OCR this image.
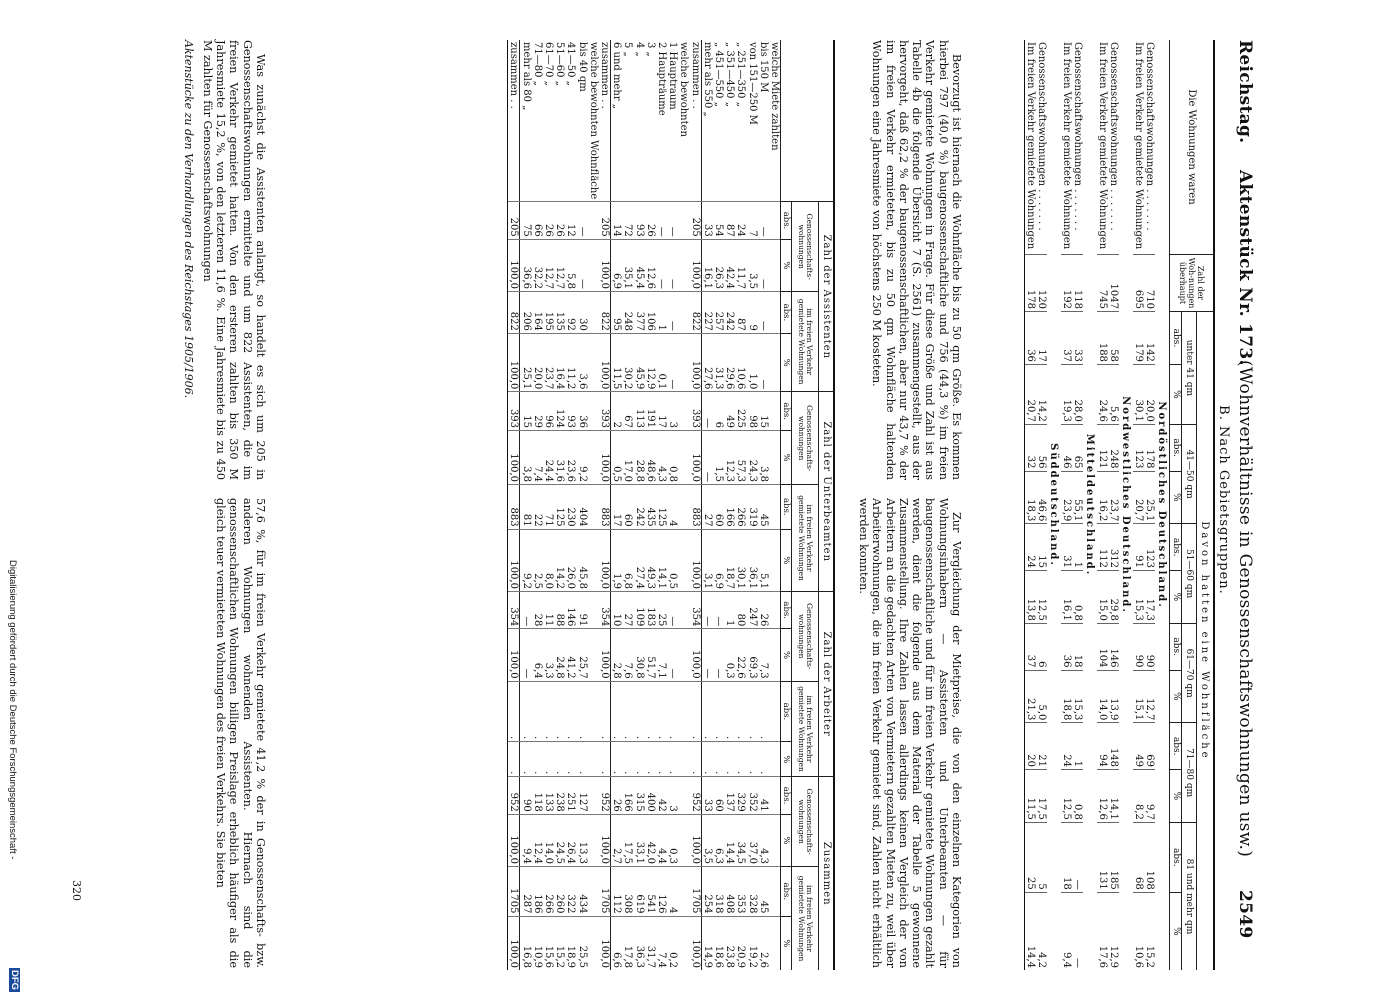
Reichstag.
Aktenstück Nr. 173.
(Wohnverhältnisse in Genossenschaftswohnungen usw.)
2549
B. Nach Gebietsgruppen.
Die Wohnungen waren	Zahl der Woh-nungen überhaupt	Davon hatten eine Wohnfläche											
		unter 41 qm		41—50 qm		51—60 qm		61—70 qm		71—80 qm		81 und mehr qm	
		abs.	%	abs.	%	abs.	%	abs.	%	abs.	%	abs.	%
Nordöstliches Deutschland.													
Genossenschaftswohnungen . . . . . . .	710	142	20,0	178	25,1	123	17,3	90	12,7	69	9,7	108	15,2
Im freien Verkehr gemietete Wohnungen	695	179	30,1	123	20,7	91	15,3	90	15,1	49	8,2	68	10,6
Nordwestliches Deutschland.													
Genossenschaftswohnungen . . . . . . .	1047	58	5,6	248	23,7	312	29,8	146	13,9	148	14,1	185	12,9
Im freien Verkehr gemietete Wohnungen	745	188	24,6	121	16,2	112	15,0	104	14,0	94	12,6	131	17,6
Mitteldeutschland.													
Genossenschaftswohnungen . . . . . . .	118	33	28,0	65	55,1	1	0,8	18	15,3	1	0,8	—	—
Im freien Verkehr gemietete Wohnungen	192	37	19,3	46	23,9	31	16,1	36	18,8	24	12,5	18	9,4
Süddeutschland.													
Genossenschaftswohnungen . . . . . . .	120	17	14,2	56	46,6	15	12,5	6	5,0	21	17,5	5	4,2
Im freien Verkehr gemietete Wohnungen	178	36	20,7	32	18,3	24	13,8	37	21,3	20	11,5	25	14,4

Bevorzugt ist hiernach die Wohnfläche bis zu 50 qm Größe. Es kommen hierbei 797 (40,0 %) baugenossenschaftliche und 756 (44,3 %) im freien Verkehr gemietete Wohnungen in Frage. Für diese Größe und Zahl ist aus Tabelle 4b die folgende Übersicht 7 (S. 2561) zusammengestellt, aus der hervorgeht, daß 62,2 % der baugenossenschaftlichen, aber nur 43,7 % der im freien Verkehr ermieteten, bis zu 50 qm Wohnfläche haltenden Wohnungen eine Jahresmiete von höchstens 250 M kosteten.

Zur Vergleichung der Mietpreise, die von den einzelnen Kategorien von Wohnungsinhabern — Assistenten und Unterbeamten — für baugenossenschaftliche und für im freien Verkehr gemietete Wohnungen gezahlt werden, dient die folgende aus dem Material der Tabelle 5 gewonnene Zusammenstellung. Ihre Zahlen lassen allerdings keinen Vergleich der von Arbeitern an die gedachten Arten von Vermietern gezahlten Mieten zu, weil über Arbeiterwohnungen, die im freien Verkehr gemietet sind, Zahlen nicht erhältlich werden konnten.

	Zahl der Assistenten				Zahl der Unterbeamten				Zahl der Arbeiter				Zusammen			
	Genossenschafts-wohnungen		im freien Verkehr gemietete Wohnungen		Genossenschafts-wohnungen		im freien Verkehr gemietete Wohnungen		Genossenschafts-wohnungen		im freien Verkehr gemietete Wohnungen		Genossenschafts-wohnungen		im freien Verkehr gemietete Wohnungen	
	abs.	%	abs.	%	abs.	%	abs.	%	abs.	%	abs.	%	abs.	%	abs.	%
welche Miete zahlten																
bis 150 M	—	—	—	—	15	3,8	45	5,1	26	7,3	.	.	41	4,3	45	2,6
von 151—250 M	7	3,5	9	1,0	98	24,3	319	36,1	247	69,3	.	.	352	37,0	328	19,2
„ 251—350 „	24	11,7	87	10,6	225	57,3	266	30,1	80	22,6	.	.	329	34,5	353	20,9
„ 351—450 „	87	42,4	242	29,6	49	12,3	166	18,7	1	0,3	.	.	137	14,4	408	23,8
„ 451—550 „	54	26,3	257	31,3	6	1,5	60	6,9	—	—	.	.	60	6,3	318	18,6
mehr als 550 „	33	16,1	227	27,6	—	—	27	3,1	—	—	.	.	33	3,5	254	14,9
zusammen . .	205	100,0	822	100,0	393	100,0	883	100,0	354	100,0	.	.	952	100,0	1705	100,0
welche bewohnten																
1 Hauptraum	—	—	—	—	3	0,8	4	0,5	—	—	.	.	3	0,3	4	0,2
2 Haupträume	—	—	1	0,1	17	4,3	125	14,1	25	7,1	.	.	42	4,4	126	7,4
3 „	26	12,6	106	12,9	191	48,6	435	49,3	183	51,7	.	.	400	42,0	541	31,7
4 „	93	45,4	377	45,9	113	28,8	242	27,4	109	30,8	.	.	315	33,1	619	36,3
5 „	72	35,1	248	30,2	67	17,0	60	6,8	27	7,6	.	.	166	17,5	308	17,8
6 und mehr „	14	6,9	95	11,5	2	0,5	17	1,9	10	2,8	.	.	26	2,7	112	6,6
zusammen . .	205	100,0	822	100,0	393	100,0	883	100,0	354	100,0	.	.	952	100,0	1705	100,0
welche bewohnten Wohnfläche																
bis 40 qm	—	—	30	3,6	36	9,2	404	45,8	91	25,7	.	.	127	13,3	434	25,5
41—50 „	12	5,8	92	11,2	93	23,6	230	26,0	146	41,2	.	.	251	26,4	322	18,9
51—60 „	26	12,7	135	16,4	124	31,6	125	14,2	88	24,8	.	.	238	24,5	260	15,2
61—70 „	26	12,7	195	23,7	96	24,4	71	8,0	11	3,3	.	.	133	14,0	266	15,6
71—80 „	66	32,2	164	20,0	29	7,4	22	2,5	28	6,4	.	.	118	12,4	186	10,9
mehr als 80 „	75	36,6	206	25,1	15	3,8	81	9,2	—	—	.	.	90	9,4	287	16,8
zusammen . .	205	100,0	822	100,0	393	100,0	883	100,0	354	100,0	.	.	952	100,0	1705	100,0

Was zunächst die Assistenten anlangt, so handelt es sich um 205 in Genossenschaftswohnungen ermittelte und um 822 Assistenten, die im freien Verkehr gemietet hatten. Von den ersteren zahlten bis 350 M Jahresmiete 15,2 %, von den letzteren 11,6 %. Eine Jahresmiete bis zu 450 M zahlten für Genossenschaftswohnungen

57,6 %, für im freien Verkehr gemietete 41,2 % der in Genossenschafts- bzw. anderen Wohnungen wohnenden Assistenten. Hiernach sind die genossenschaftlichen Wohnungen billigen Preislage erheblich häufiger als die gleich teuer vermieteten Wohnungen des freien Verkehrs. Sie bieten

Aktenstücke zu den Verhandlungen des Reichstages 1905/1906.
320
Digitalisierung gefördert durch die Deutsche Forschungsgemeinschaft -
DFG
